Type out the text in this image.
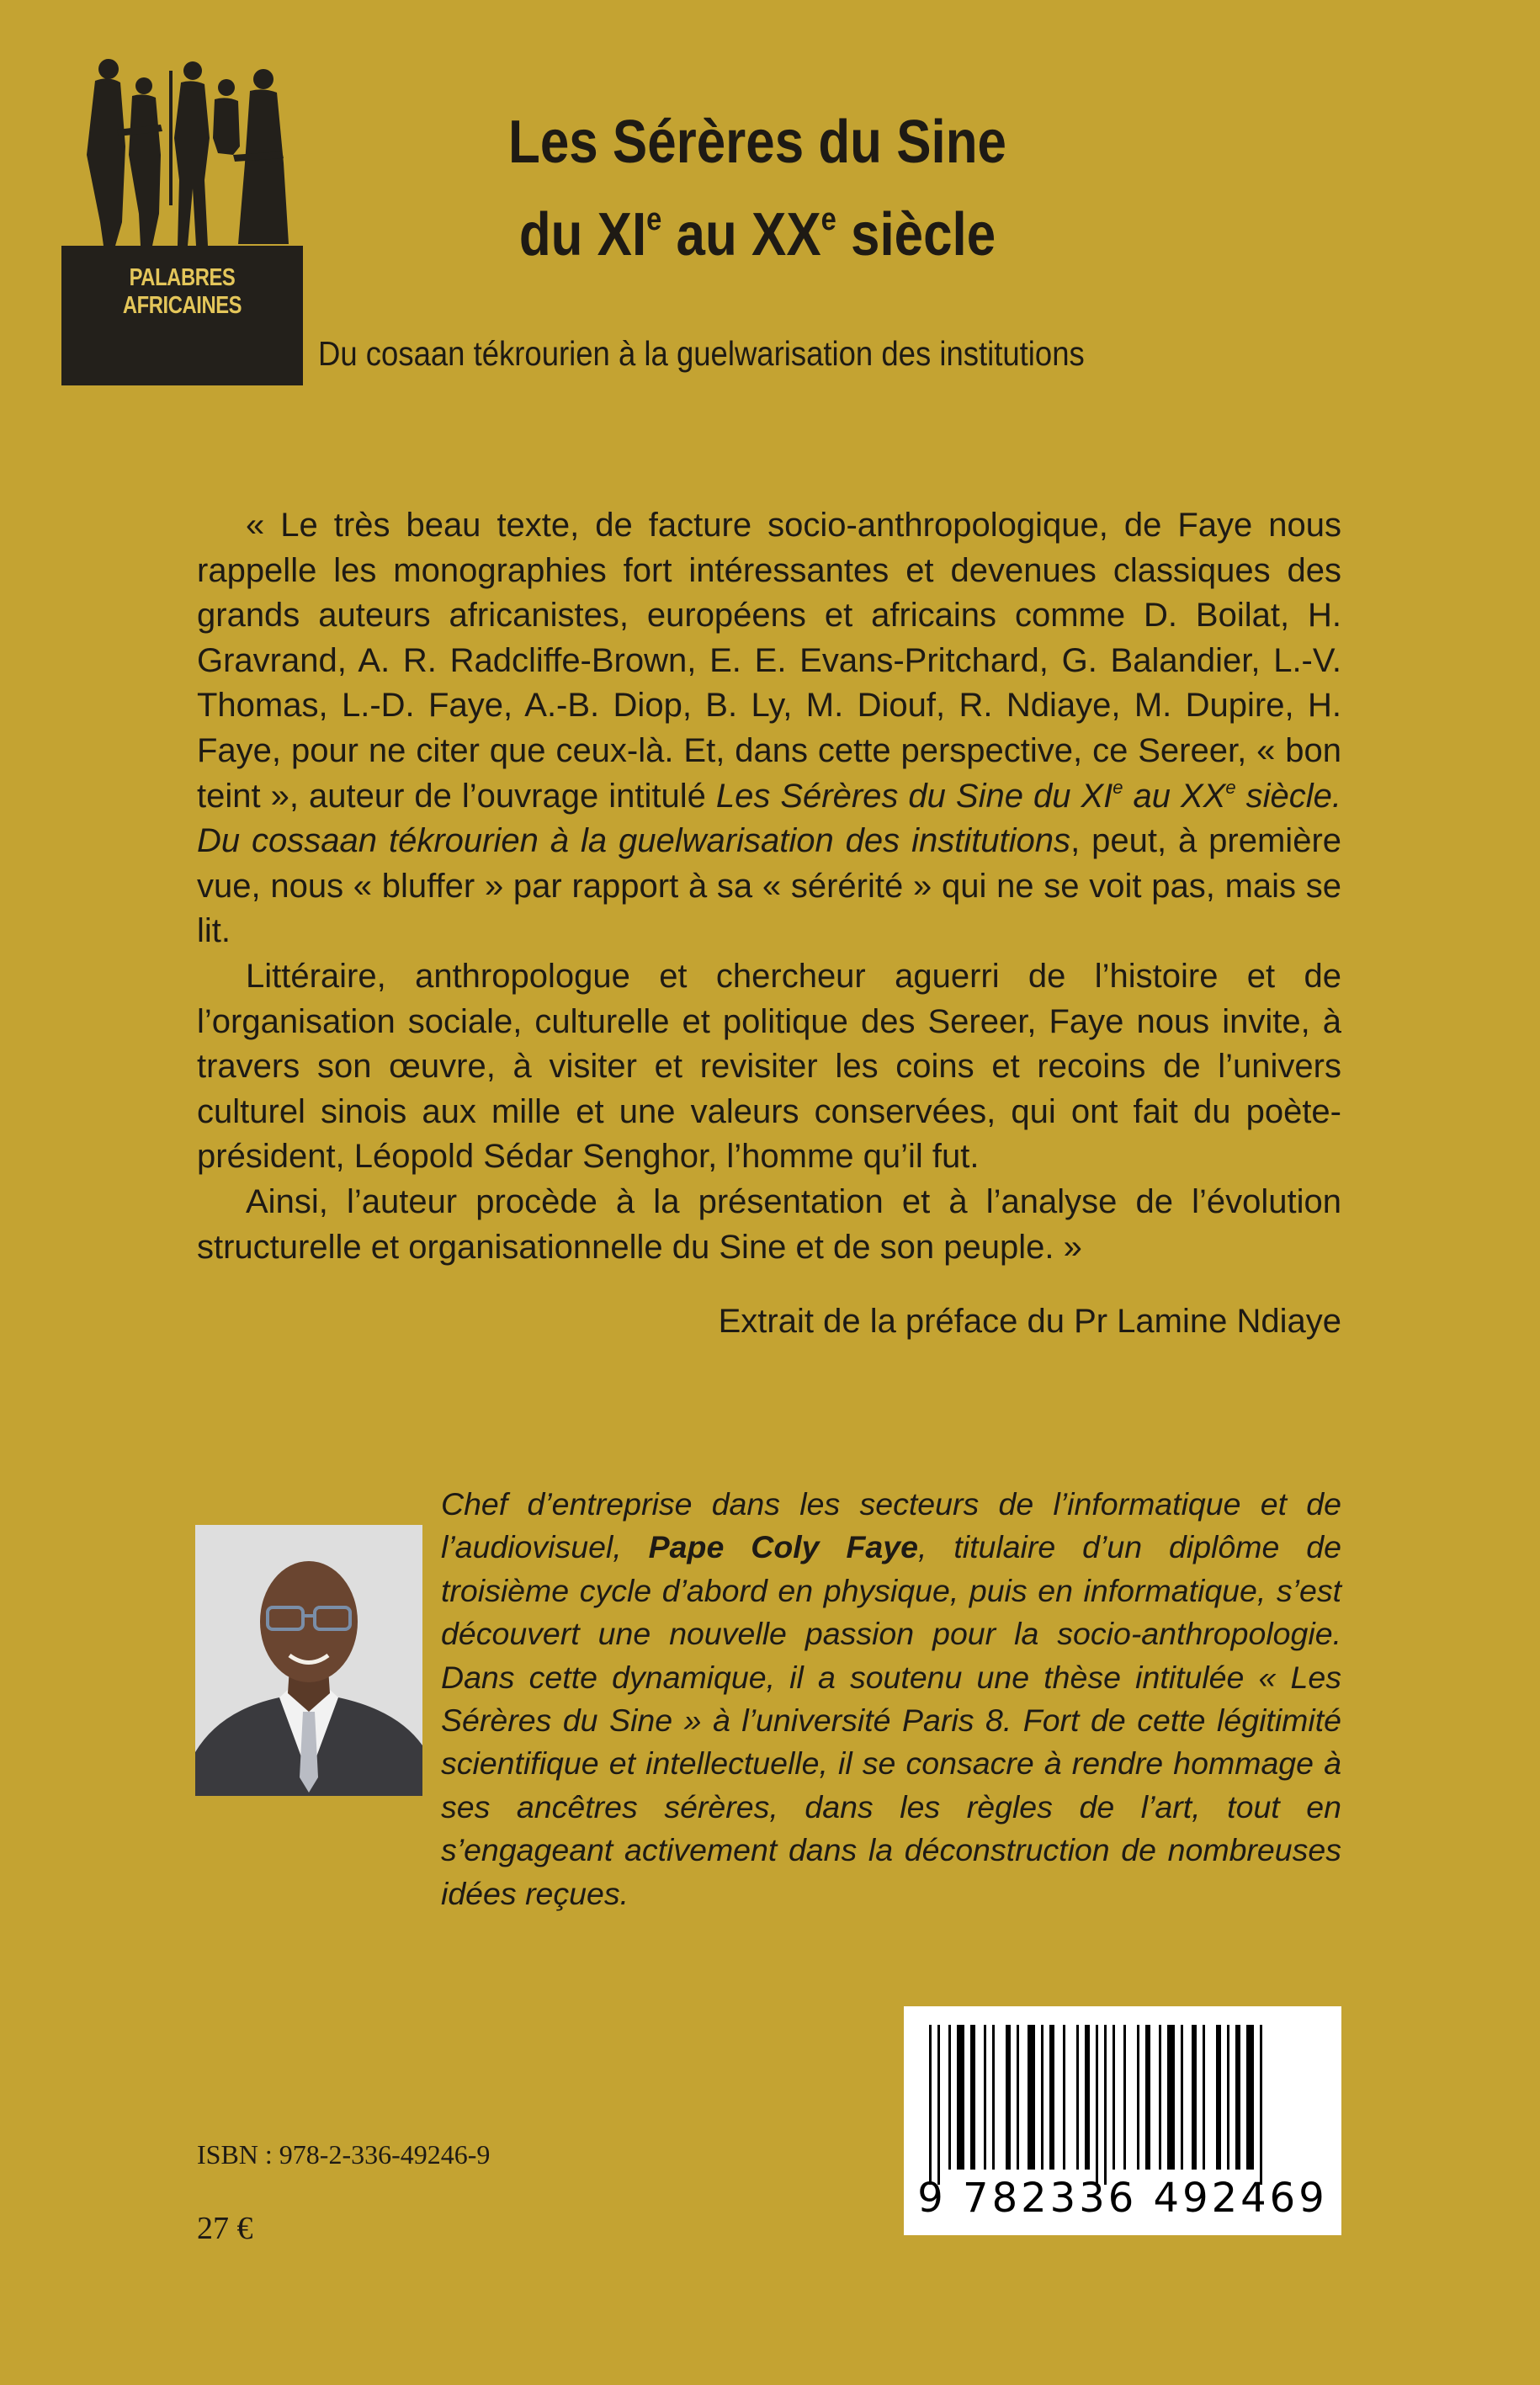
PALABRES AFRICAINES
Les Sérères du Sine
du XIe au XXe siècle
Du cosaan tékrourien à la guelwarisation des institutions

« Le très beau texte, de facture socio-anthropologique, de Faye nous rappelle les monographies fort intéressantes et devenues classiques des grands auteurs africanistes, européens et africains comme D. Boilat, H. Gravrand, A. R. Radcliffe-Brown, E. E. Evans-Pritchard, G. Balandier, L.-V. Thomas, L.-D. Faye, A.-B. Diop, B. Ly, M. Diouf, R. Ndiaye, M. Dupire, H. Faye, pour ne citer que ceux-là. Et, dans cette perspective, ce Sereer, « bon teint », auteur de l’ouvrage intitulé Les Sérères du Sine du XIe au XXe siècle. Du cossaan tékrourien à la guelwarisation des institutions, peut, à première vue, nous « bluffer » par rapport à sa « sérérité » qui ne se voit pas, mais se lit.

Littéraire, anthropologue et chercheur aguerri de l’histoire et de l’organisation sociale, culturelle et politique des Sereer, Faye nous invite, à travers son œuvre, à visiter et revisiter les coins et recoins de l’univers culturel sinois aux mille et une valeurs conservées, qui ont fait du poète-président, Léopold Sédar Senghor, l’homme qu’il fut.

Ainsi, l’auteur procède à la présentation et à l’analyse de l’évolution structurelle et organisationnelle du Sine et de son peuple. »

Extrait de la préface du Pr Lamine Ndiaye
Chef d’entreprise dans les secteurs de l’informatique et de l’audiovisuel, Pape Coly Faye, titulaire d’un diplôme de troisième cycle d’abord en physique, puis en informatique, s’est découvert une nouvelle passion pour la socio-anthropologie. Dans cette dynamique, il a soutenu une thèse intitulée « Les Sérères du Sine » à l’université Paris 8. Fort de cette légitimité scientifique et intellectuelle, il se consacre à rendre hommage à ses ancêtres sérères, dans les règles de l’art, tout en s’engageant activement dans la déconstruction de nombreuses idées reçues.
ISBN : 978-2-336-49246-9
27 €
9 782336 492469
